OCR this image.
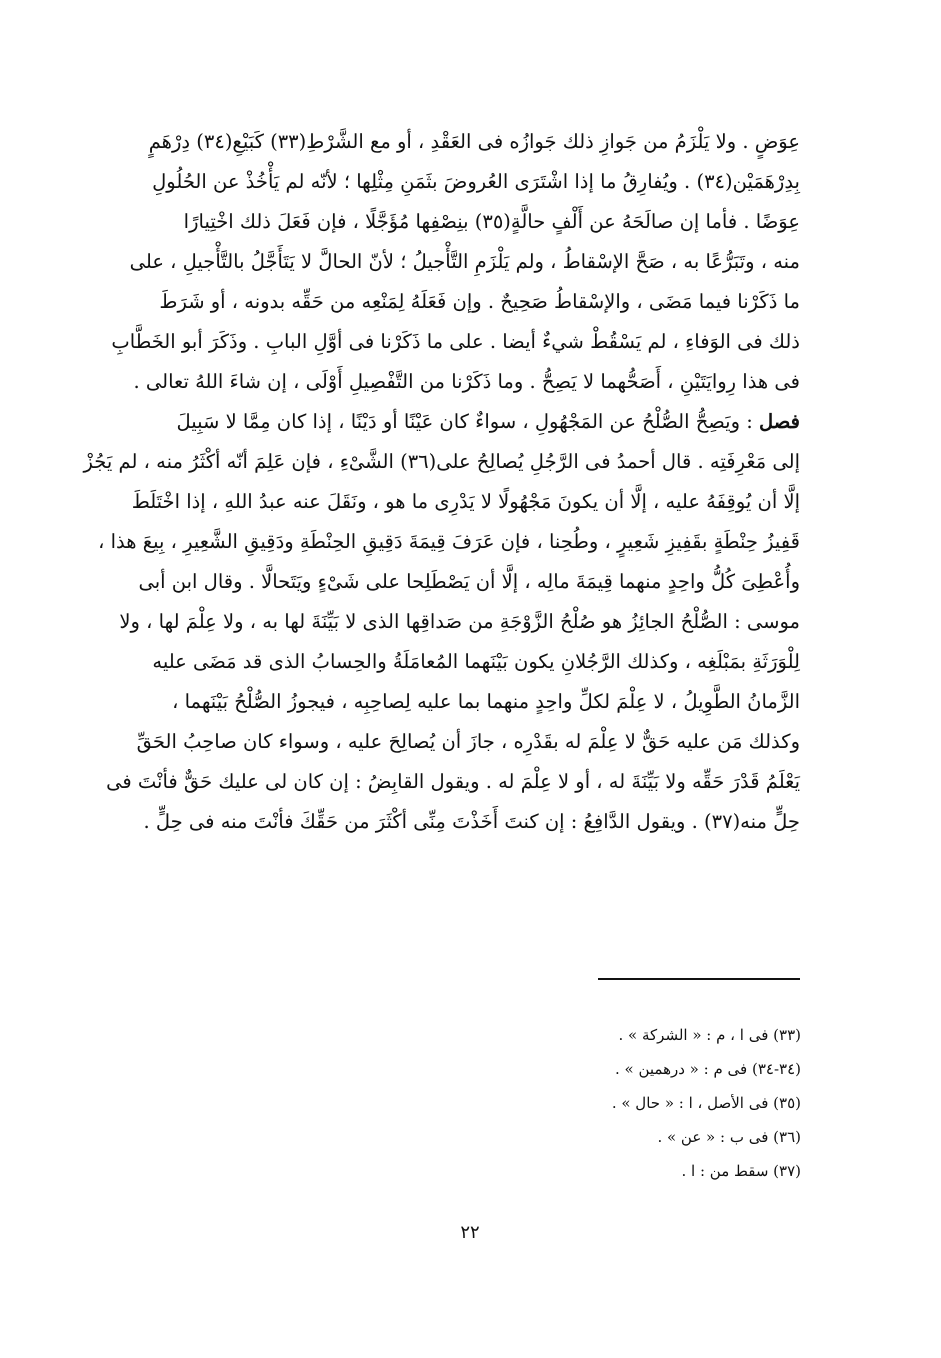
عِوَضٍ . ولا يَلْزَمُ من جَوازِ ذلك جَوازُه فى العَقْدِ ، أو مع الشَّرْطِ(٣٣) كَبَيْعِ(٣٤) دِرْهَمٍ
بِدِرْهَمَيْن(٣٤) . ويُفارِقُ ما إذا اشْتَرَى العُروضَ بثَمَنِ مِثْلِها ؛ لأنّه لم يَأْخُذْ عن الحُلُولِ
عِوَضًا . فأما إن صالَحَهُ عن أَلْفٍ حالَّةٍ(٣٥) بنِصْفِها مُؤَجَّلًا ، فإن فَعَلَ ذلك اخْتِيارًا
منه ، وتَبَرُّعًا به ، صَحَّ الإسْقاطُ ، ولم يَلْزَمِ التَّأْجيلُ ؛ لأنّ الحالَّ لا يَتَأَجَّلُ بالتَّأْجيلِ ، على
ما ذَكَرْنا فيما مَضَى ، والإسْقاطُ صَحِيحٌ . وإن فَعَلَهُ لِمَنْعِه من حَقِّه بدونه ، أو شَرَطَ
ذلك فى الوَفاءِ ، لم يَسْقُطْ شيءٌ أيضا . على ما ذَكَرْنا فى أوَّلِ البابِ . وذَكَرَ أبو الخَطَّابِ
فى هذا رِوايَتَيْنِ ، أَصَحُّهما لا يَصِحُّ . وما ذَكَرْنا من التَّفْصِيلِ أَوْلَى ، إن شاءَ اللهُ تعالى .
فصل : ويَصِحُّ الصُّلْحُ عن المَجْهُولِ ، سواءٌ كان عَيْنًا أو دَيْنًا ، إذا كان مِمَّا لا سَبِيلَ
إلى مَعْرِفَتِه . قال أحمدُ فى الرَّجُلِ يُصالِحُ على(٣٦) الشَّىْءِ ، فإن عَلِمَ أنّه أكْثَرُ منه ، لم يَجُزْ
إلَّا أن يُوقِفَهُ عليه ، إلَّا أن يكونَ مَجْهُولًا لا يَدْرِى ما هو ، ونَقَلَ عنه عبدُ اللهِ ، إذا اخْتَلَطَ
قَفِيزُ حِنْطَةٍ بقَفِيزِ شَعِيرٍ ، وطُحِنا ، فإن عَرَفَ قِيمَةَ دَقِيقِ الحِنْطَةِ ودَقِيقِ الشَّعِيرِ ، بِيعَ هذا ،
وأُعْطِىَ كُلُّ واحِدٍ منهما قِيمَةَ مالِه ، إلَّا أن يَصْطَلِحا على شَىْءٍ ويَتَحالَّا . وقال ابن أبى
موسى : الصُّلْحُ الجائِزُ هو صُلْحُ الزَّوْجَةِ من صَداقِها الذى لا بَيِّنَةَ لها به ، ولا عِلْمَ لها ، ولا
لِلْوَرَثَةِ بمَبْلَغِه ، وكذلك الرَّجُلانِ يكون بَيْنَهما المُعامَلَةُ والحِسابُ الذى قد مَضَى عليه
الزَّمانُ الطَّوِيلُ ، لا عِلْمَ لكلِّ واحِدٍ منهما بما عليه لِصاحِبِه ، فيجوزُ الصُّلْحُ بَيْنَهما ،
وكذلك مَن عليه حَقٌّ لا عِلْمَ له بقَدْرِه ، جازَ أن يُصالِحَ عليه ، وسواء كان صاحِبُ الحَقِّ
يَعْلَمُ قَدْرَ حَقِّه ولا بَيِّنَةَ له ، أو لا عِلْمَ له . ويقول القابِضُ : إن كان لى عليك حَقٌّ فأنْتَ فى
حِلٍّ منه(٣٧) . ويقول الدَّافِعُ : إن كنتَ أَخَذْتَ مِنِّى أكْثَرَ من حَقِّكَ فأنْتَ منه فى حِلٍّ .
(٣٣) فى ا ، م : « الشركة » .
(٣٤-٣٤) فى م : « درهمين » .
(٣٥) فى الأصل ، ا : « حال » .
(٣٦) فى ب : « عن » .
(٣٧) سقط من : ا .
٢٢
